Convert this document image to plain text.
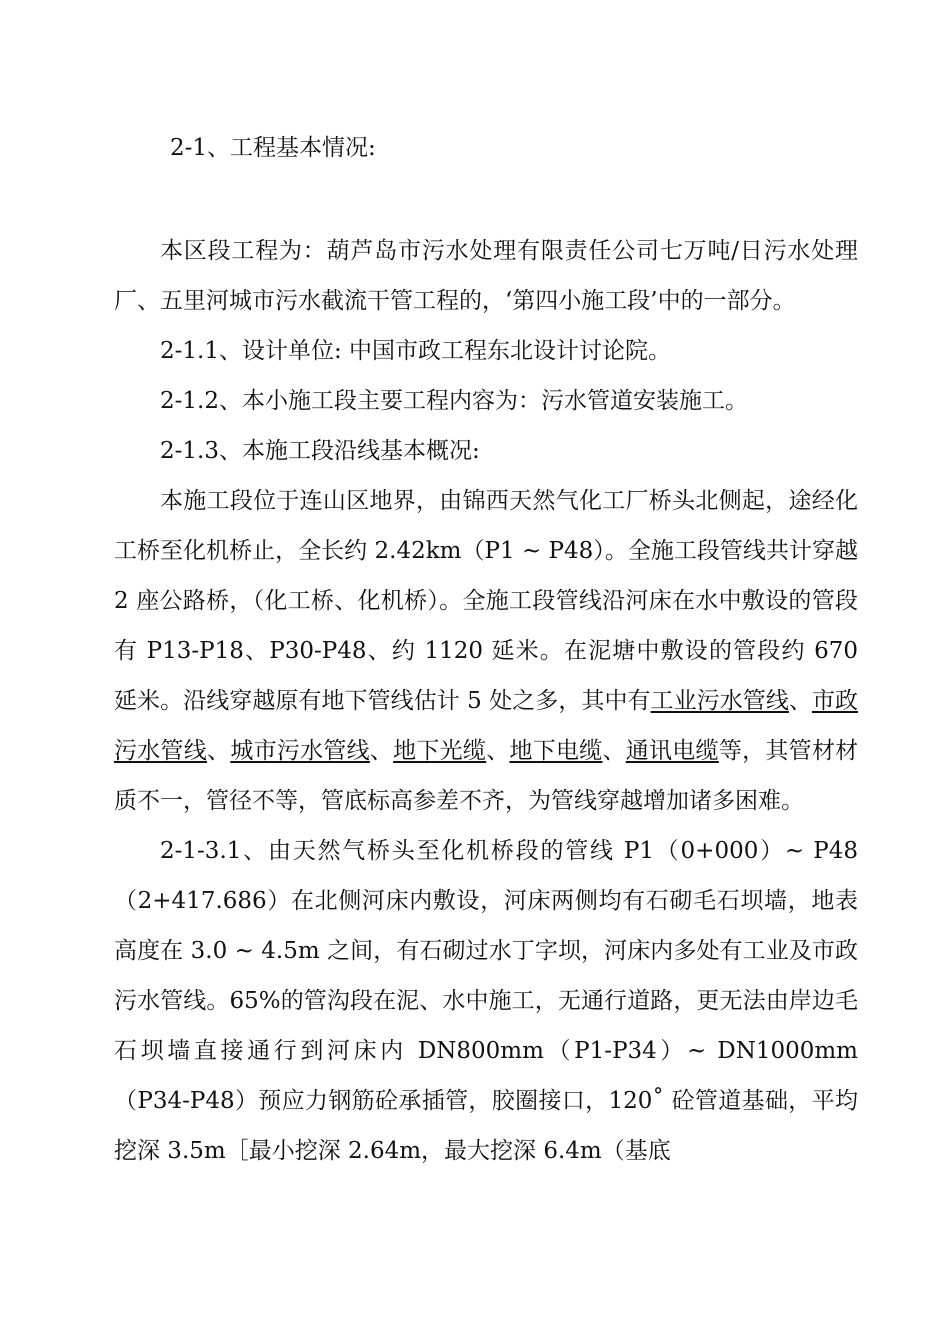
2-1、工程基本情况:

本区段工程为：葫芦岛市污水处理有限责任公司七万吨/日污水处理厂、五里河城市污水截流干管工程的，‘第四小施工段’中的一部分。

2-1.1、设计单位: 中国市政工程东北设计讨论院。

2-1.2、本小施工段主要工程内容为：污水管道安装施工。

2-1.3、本施工段沿线基本概况:

本施工段位于连山区地界，由锦西天然气化工厂桥头北侧起，途经化工桥至化机桥止，全长约 2.42km（P1 ~ P48）。全施工段管线共计穿越 2 座公路桥，（化工桥、化机桥）。全施工段管线沿河床在水中敷设的管段有 P13-P18、P30-P48、约 1120 延米。在泥塘中敷设的管段约 670 延米。沿线穿越原有地下管线估计 5 处之多，其中有工业污水管线、市政污水管线、城市污水管线、地下光缆、地下电缆、通讯电缆等，其管材材质不一，管径不等，管底标高参差不齐，为管线穿越增加诸多困难。

2-1-3.1、由天然气桥头至化机桥段的管线 P1（0+000）~ P48（2+417.686）在北侧河床内敷设，河床两侧均有石砌毛石坝墙，地表高度在 3.0 ~ 4.5m 之间，有石砌过水丁字坝，河床内多处有工业及市政污水管线。65%的管沟段在泥、水中施工，无通行道路，更无法由岸边毛石坝墙直接通行到河床内 DN800mm（P1-P34）~ DN1000mm（P34-P48）预应力钢筋砼承插管，胶圈接口，120˚ 砼管道基础，平均挖深 3.5m［最小挖深 2.64m，最大挖深 6.4m（基底
